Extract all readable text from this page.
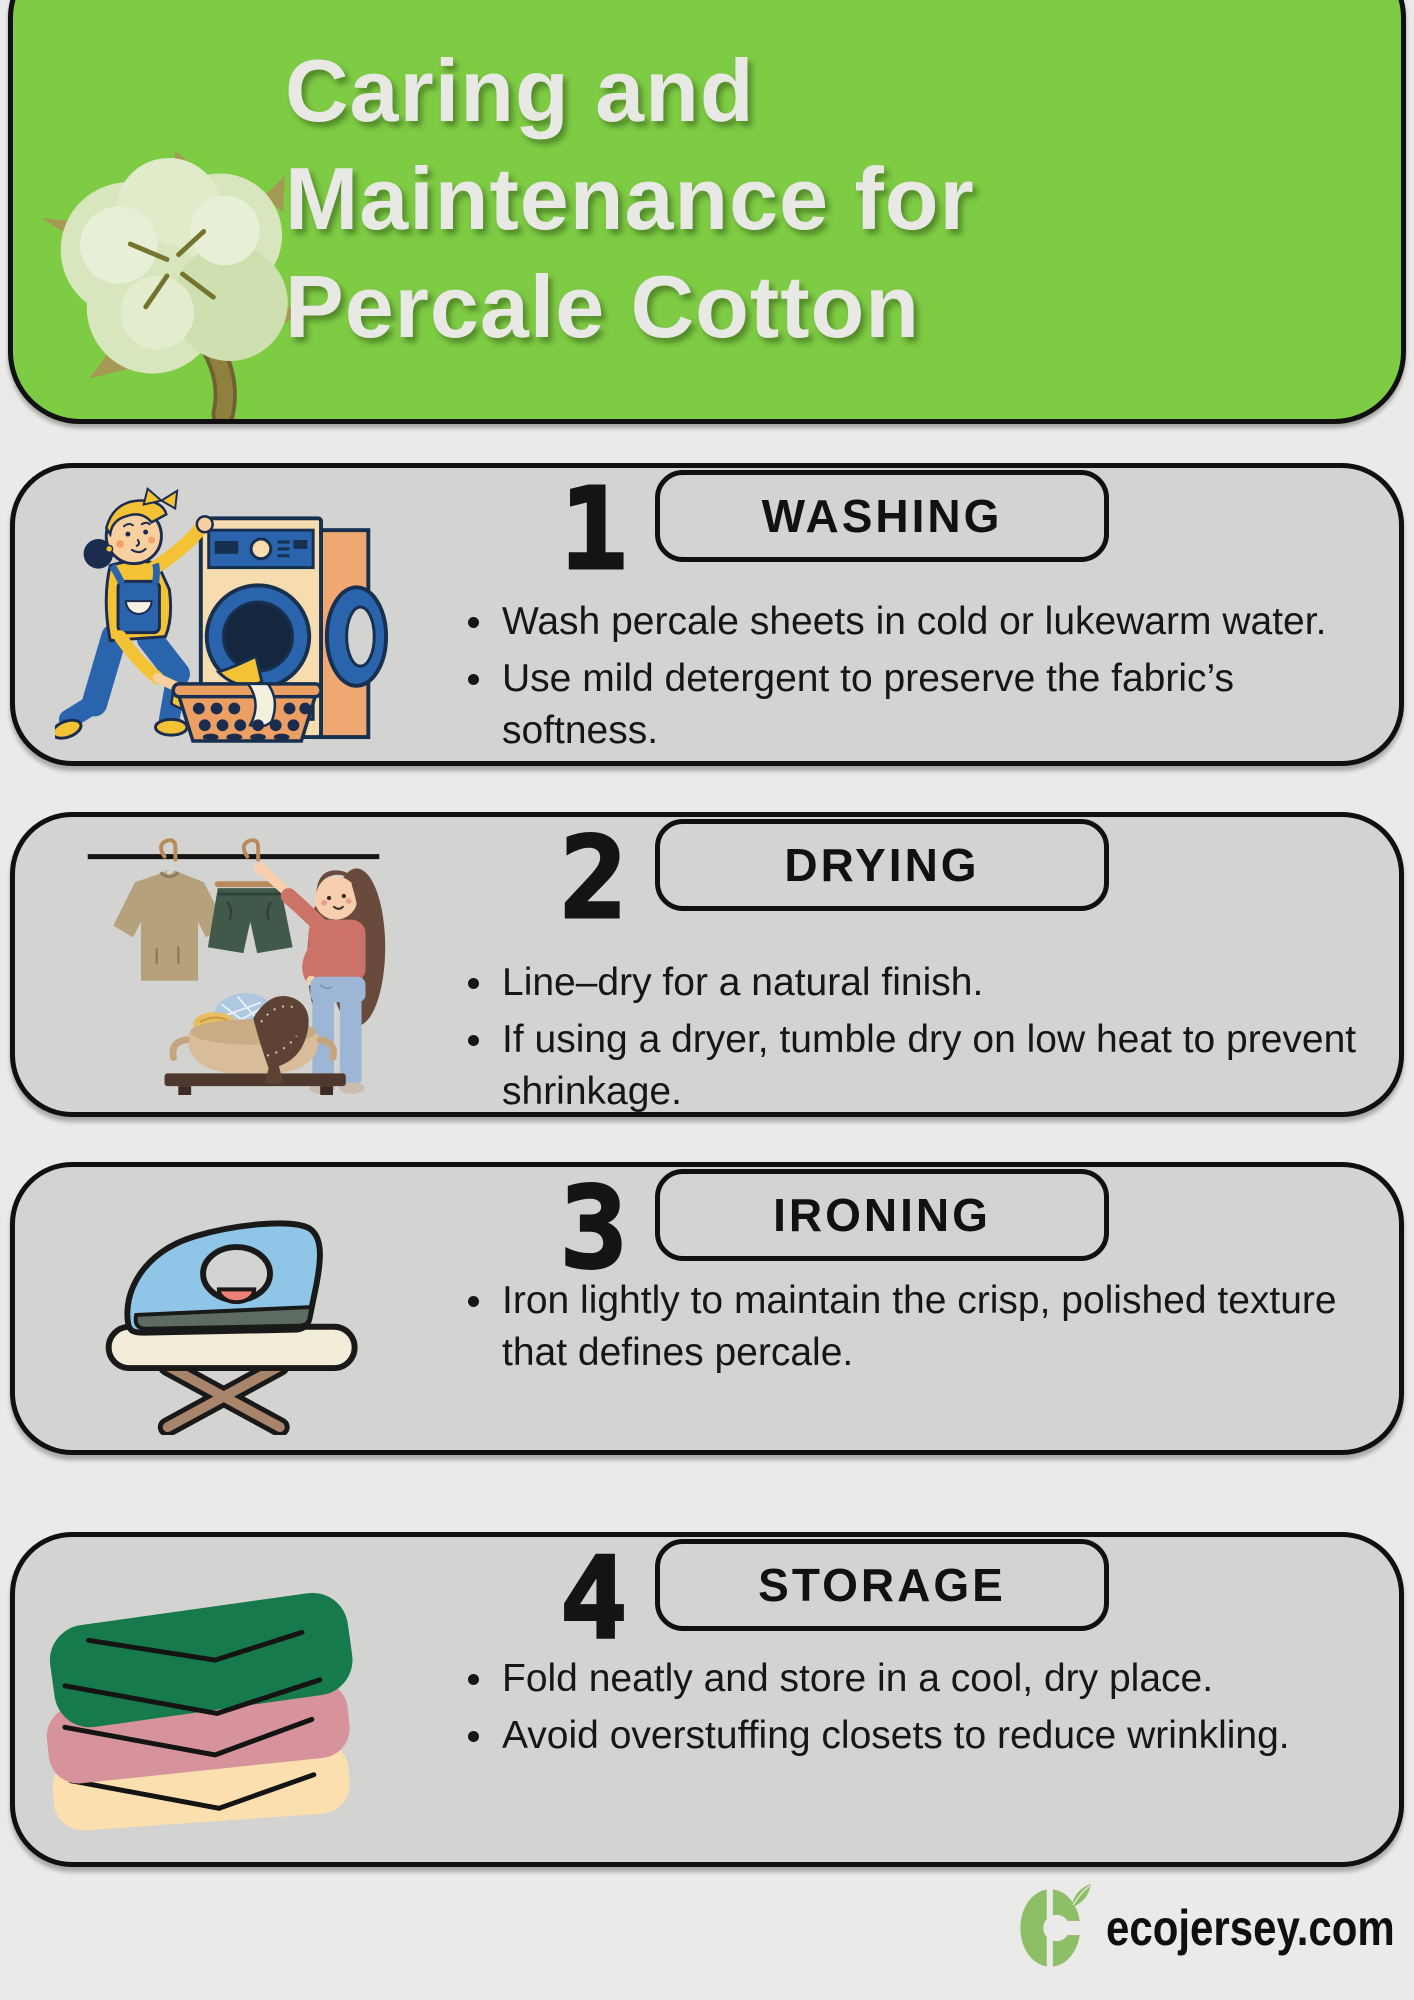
Caring and
Maintenance for
Percale Cotton
1	WASHING
Wash percale sheets in cold or lukewarm water.
Use mild detergent to preserve the fabric’s softness.
2	DRYING
Line–dry for a natural finish.
If using a dryer, tumble dry on low heat to prevent shrinkage.
3	IRONING
Iron lightly to maintain the crisp, polished texture that defines percale.
4	STORAGE
Fold neatly and store in a cool, dry place.
Avoid overstuffing closets to reduce wrinkling.
ecojersey.com
